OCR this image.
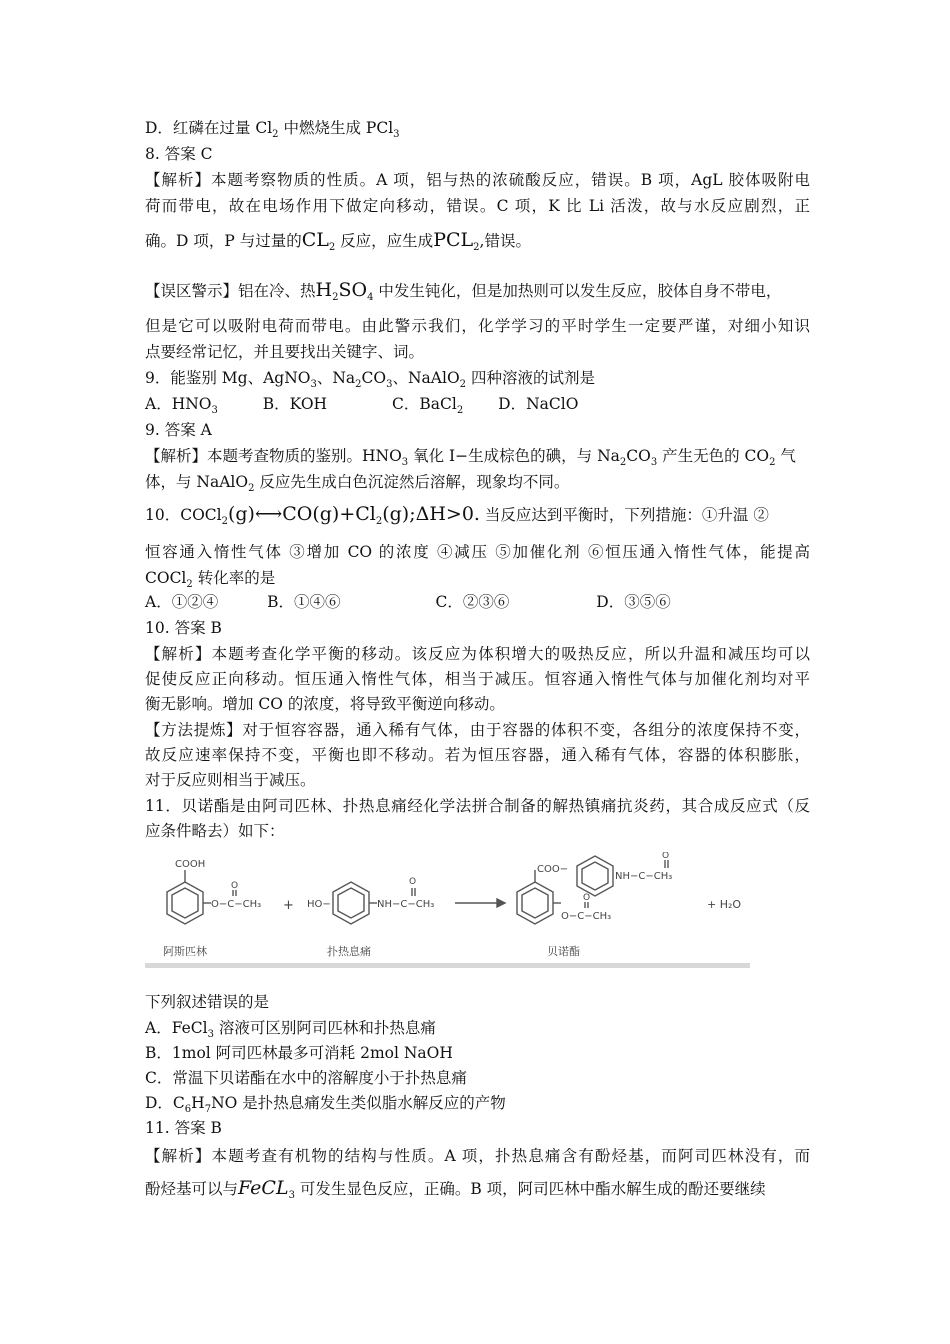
D．红磷在过量 $Cl_2$ 中燃烧生成 PCl$_3$
8. 答案 C
【解析】本题考察物质的性质。A 项，铝与热的浓硫酸反应，错误。B 项，AgL 胶体吸附电
荷而带电，故在电场作用下做定向移动，错误。C 项，K 比 Li 活泼，故与水反应剧烈，正
确。D 项，P 与过量的$CL_2$ 反应，应生成$PCL_2$,错误。
【误区警示】铝在冷、热$H_2SO_4$ 中发生钝化，但是加热则可以发生反应，胶体自身不带电，
但是它可以吸附电荷而带电。由此警示我们，化学学习的平时学生一定要严谨，对细小知识
点要经常记忆，并且要找出关键字、词。
9．能鉴别 Mg、AgNO$_3$、$Na_2CO_3$、NaAlO$_2$ 四种溶液的试剂是
A．$HNO_3$	B．KOH	C．BaCl$_2$ D．NaClO
9. 答案 A
【解析】本题考查物质的鉴别。$HNO_3$ 氧化 I−生成棕色的碘，与 $Na_2CO_3$ 产生无色的 $CO_2$ 气
体，与 NaAlO$_2$ 反应先生成白色沉淀然后溶解，现象均不同。
10．$COCl_2(g)⟷CO(g)+Cl_2(g);\Delta H>0$. 当反应达到平衡时，下列措施：①升温 ②
恒容通入惰性气体 ③增加 CO 的浓度 ④减压 ⑤加催化剂 ⑥恒压通入惰性气体，能提高
COCl$_2$ 转化率的是
A．①②④	B．①④⑥	C．②③⑥	D．③⑤⑥
10. 答案 B
【解析】本题考查化学平衡的移动。该反应为体积增大的吸热反应，所以升温和减压均可以
促使反应正向移动。恒压通入惰性气体，相当于减压。恒容通入惰性气体与加催化剂均对平
衡无影响。增加 CO 的浓度，将导致平衡逆向移动。
【方法提炼】对于恒容容器，通入稀有气体，由于容器的体积不变，各组分的浓度保持不变，
故反应速率保持不变，平衡也即不移动。若为恒压容器，通入稀有气体，容器的体积膨胀，
对于反应则相当于减压。
11．贝诺酯是由阿司匹林、扑热息痛经化学法拼合制备的解热镇痛抗炎药，其合成反应式（反
应条件略去）如下：
COOH
O−C−CH₃
O
+ HO−	NH−C−CH₃
O
COO−
NH−C−CH₃
O
O−C−CH₃
O	+ H₂O
阿斯匹林	扑热息痛	贝诺酯
下列叙述错误的是
A．FeCl$_3$ 溶液可区别阿司匹林和扑热息痛
B．1mol 阿司匹林最多可消耗 2mol NaOH
C．常温下贝诺酯在水中的溶解度小于扑热息痛
D．$C_6H_7NO$ 是扑热息痛发生类似脂水解反应的产物
11. 答案 B
【解析】本题考查有机物的结构与性质。A 项，扑热息痛含有酚烃基，而阿司匹林没有，而
酚烃基可以与FeCL$_3$ 可发生显色反应，正确。B 项，阿司匹林中酯水解生成的酚还要继续
